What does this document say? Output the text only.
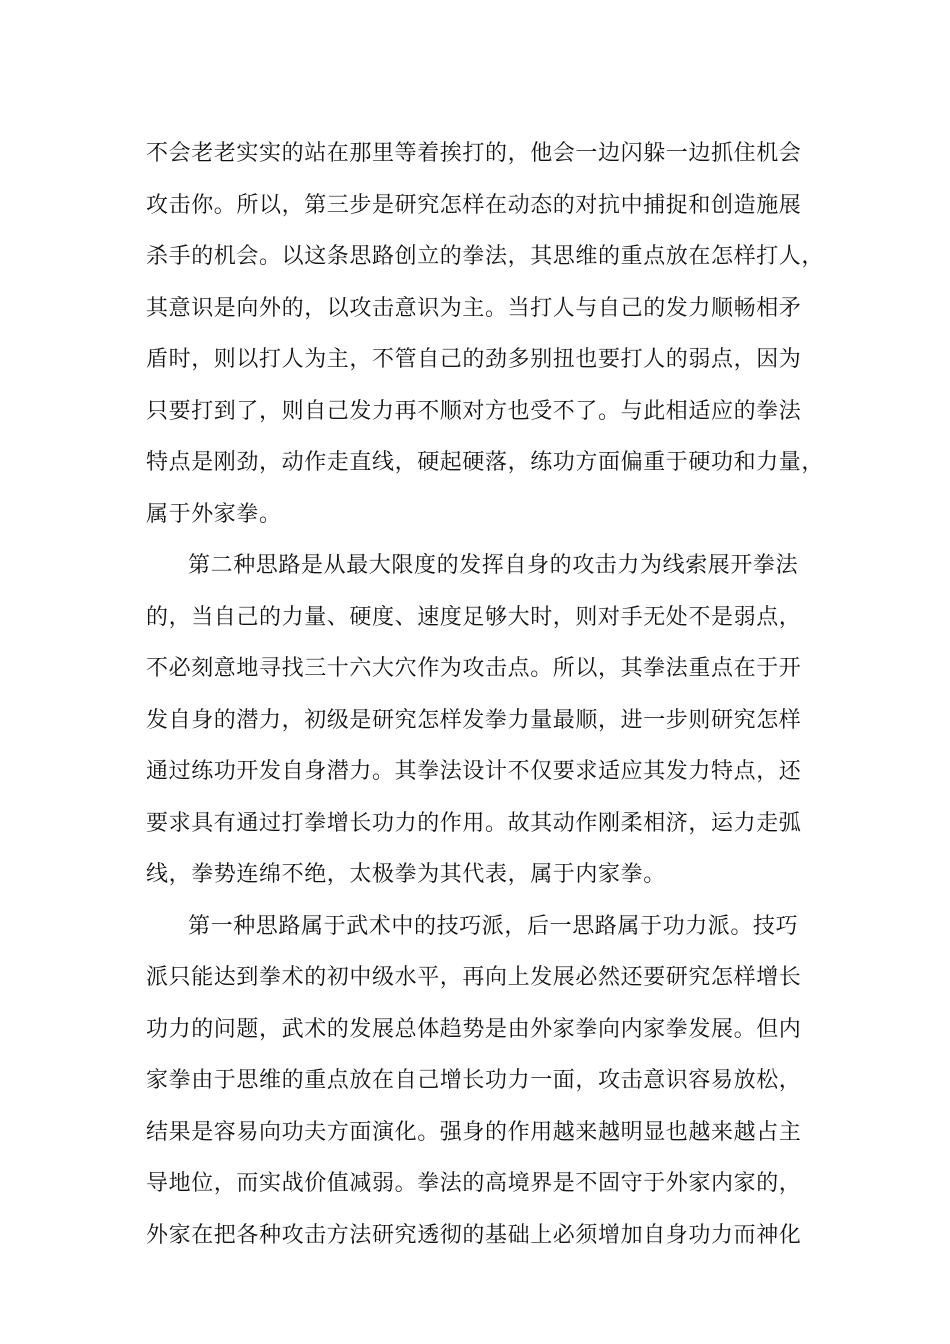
不会老老实实的站在那里等着挨打的，他会一边闪躲一边抓住机会
攻击你。所以，第三步是研究怎样在动态的对抗中捕捉和创造施展
杀手的机会。以这条思路创立的拳法，其思维的重点放在怎样打人，
其意识是向外的，以攻击意识为主。当打人与自己的发力顺畅相矛
盾时，则以打人为主，不管自己的劲多别扭也要打人的弱点，因为
只要打到了，则自己发力再不顺对方也受不了。与此相适应的拳法
特点是刚劲，动作走直线，硬起硬落，练功方面偏重于硬功和力量，
属于外家拳。
第二种思路是从最大限度的发挥自身的攻击力为线索展开拳法
的，当自己的力量、硬度、速度足够大时，则对手无处不是弱点，
不必刻意地寻找三十六大穴作为攻击点。所以，其拳法重点在于开
发自身的潜力，初级是研究怎样发拳力量最顺，进一步则研究怎样
通过练功开发自身潜力。其拳法设计不仅要求适应其发力特点，还
要求具有通过打拳增长功力的作用。故其动作刚柔相济，运力走弧
线，拳势连绵不绝，太极拳为其代表，属于内家拳。
第一种思路属于武术中的技巧派，后一思路属于功力派。技巧
派只能达到拳术的初中级水平，再向上发展必然还要研究怎样增长
功力的问题，武术的发展总体趋势是由外家拳向内家拳发展。但内
家拳由于思维的重点放在自己增长功力一面，攻击意识容易放松，
结果是容易向功夫方面演化。强身的作用越来越明显也越来越占主
导地位，而实战价值减弱。拳法的高境界是不固守于外家内家的，
外家在把各种攻击方法研究透彻的基础上必须增加自身功力而神化
